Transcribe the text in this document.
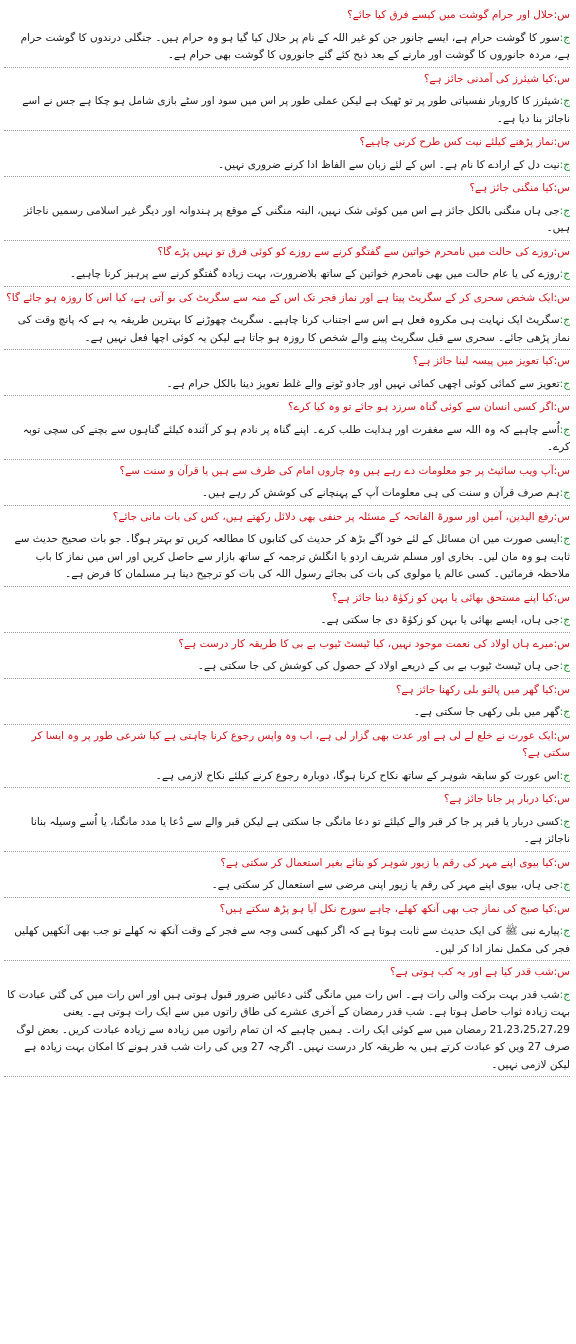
س:حلال اور حرام گوشت میں کیسے فرق کیا جائے؟

ج:سور کا گوشت حرام ہے، ایسے جانور جن کو غیر اللہ کے نام پر حلال کیا گیا ہو وہ حرام ہیں۔ جنگلی درندوں کا گوشت حرام ہے، مردہ جانوروں کا گوشت اور مارنے کے بعد ذبح کئے گئے جانوروں کا گوشت بھی حرام ہے۔

س:کیا شیئرز کی آمدنی جائز ہے؟

ج:شیئرز کا کاروبار نفسیاتی طور پر تو ٹھیک ہے لیکن عملی طور پر اس میں سود اور سٹے بازی شامل ہو چکا ہے جس نے اسے ناجائز بنا دیا ہے۔

س:نماز پڑھنے کیلئے نیت کس طرح کرنی چاہیے؟

ج:نیت دل کے ارادے کا نام ہے۔ اس کے لئے زبان سے الفاظ ادا کرنے ضروری نہیں۔

س:کیا منگنی جائز ہے؟

ج:جی ہاں منگنی بالکل جائز ہے اس میں کوئی شک نہیں، البتہ منگنی کے موقع پر ہندوانہ اور دیگر غیر اسلامی رسمیں ناجائز ہیں۔

س:روزے کی حالت میں نامحرم خواتین سے گفتگو کرنے سے روزے کو کوئی فرق تو نہیں پڑے گا؟

ج:روزے کی یا عام حالت میں بھی نامحرم خواتین کے ساتھ بلاضرورت، بہت زیادہ گفتگو کرنے سے پرہیز کرنا چاہیے۔

س:ایک شخص سحری کر کے سگریٹ پیتا ہے اور نماز فجر تک اس کے منہ سے سگریٹ کی بو آتی ہے، کیا اس کا روزہ ہو جائے گا؟

ج:سگریٹ ایک نہایت ہی مکروہ فعل ہے اس سے اجتناب کرنا چاہیے۔ سگریٹ چھوڑنے کا بہترین طریقہ یہ ہے کہ پانچ وقت کی نماز پڑھی جائے۔ سحری سے قبل سگریٹ پینے والے شخص کا روزہ ہو جاتا ہے لیکن یہ کوئی اچھا فعل نہیں ہے۔

س:کیا تعویز میں پیسہ لینا جائز ہے؟

ج:تعویز سے کمائی کوئی اچھی کمائی نہیں اور جادو ٹونے والے غلط تعویز دینا بالکل حرام ہے۔

س:اگر کسی انسان سے کوئی گناہ سرزد ہو جائے تو وہ کیا کرے؟

ج:اُسے چاہیے کہ وہ اللہ سے مغفرت اور ہدایت طلب کرے۔ اپنے گناہ پر نادم ہو کر آئندہ کیلئے گناہوں سے بچنے کی سچی توبہ کرے۔

س:آپ ویب سائیٹ پر جو معلومات دے رہے ہیں وہ چاروں امام کی طرف سے ہیں یا قرآن و سنت سے؟

ج:ہم صرف قرآن و سنت کی ہی معلومات آپ کے پہنچانے کی کوشش کر رہے ہیں۔

س:رفع الیدین، آمین اور سورۃ الفاتحہ کے مسئلہ پر حنفی بھی دلائل رکھتے ہیں، کس کی بات مانی جائے؟

ج:ایسی صورت میں ان مسائل کے لئے خود آگے بڑھ کر حدیث کی کتابوں کا مطالعہ کریں تو بہتر ہوگا۔ جو بات صحیح حدیث سے ثابت ہو وہ مان لیں۔ بخاری اور مسلم شریف اردو یا انگلش ترجمہ کے ساتھ بازار سے حاصل کریں اور اس میں نماز کا باب ملاحظہ فرمائیں۔ کسی عالم یا مولوی کی بات کی بجائے رسول اللہ کی بات کو ترجیح دینا ہر مسلمان کا فرض ہے۔

س:کیا اپنے مستحق بھائی یا بہن کو زکوٰۃ دینا جائز ہے؟

ج:جی ہاں، ایسے بھائی یا بہن کو زکوٰۃ دی جا سکتی ہے۔

س:میرے ہاں اولاد کی نعمت موجود نہیں، کیا ٹیسٹ ٹیوب بے بی کا طریقہ کار درست ہے؟

ج:جی ہاں ٹیسٹ ٹیوب بے بی کے ذریعے اولاد کے حصول کی کوشش کی جا سکتی ہے۔

س:کیا گھر میں پالتو بلی رکھنا جائز ہے؟

ج:گھر میں بلی رکھی جا سکتی ہے۔

س:ایک عورت نے خلع لے لی ہے اور عدت بھی گزار لی ہے، اب وہ واپس رجوع کرنا چاہتی ہے کیا شرعی طور پر وہ ایسا کر سکتی ہے؟

ج:اس عورت کو سابقہ شوہر کے ساتھ نکاح کرنا ہوگا، دوبارہ رجوع کرنے کیلئے نکاح لازمی ہے۔

س:کیا دربار پر جانا جائز ہے؟

ج:کسی دربار یا قبر پر جا کر قبر والے کیلئے تو دعا مانگی جا سکتی ہے لیکن قبر والے سے دُعا یا مدد مانگنا، یا اُسے وسیلہ بنانا ناجائز ہے۔

س:کیا بیوی اپنے مہر کی رقم یا زیور شوہر کو بتائے بغیر استعمال کر سکتی ہے؟

ج:جی ہاں، بیوی اپنے مہر کی رقم یا زیور اپنی مرضی سے استعمال کر سکتی ہے۔

س:کیا صبح کی نماز جب بھی آنکھ کھلے، چاہے سورج نکل آیا ہو پڑھ سکتے ہیں؟

ج:پیارے نبی ﷺ کی ایک حدیث سے ثابت ہوتا ہے کہ اگر کبھی کسی وجہ سے فجر کے وقت آنکھ نہ کھلے تو جب بھی آنکھیں کھلیں فجر کی مکمل نماز ادا کر لیں۔

س:شب قدر کیا ہے اور یہ کب ہوتی ہے؟

ج:شب قدر بہت برکت والی رات ہے۔ اس رات میں مانگی گئی دعائیں ضرور قبول ہوتی ہیں اور اس رات میں کی گئی عبادت کا بہت زیادہ ثواب حاصل ہوتا ہے۔ شب قدر رمضان کے آخری عشرے کی طاق راتوں میں سے ایک رات ہوتی ہے۔ یعنی 21،23،25،27،29 رمضان میں سے کوئی ایک رات۔ ہمیں چاہیے کہ ان تمام راتوں میں زیادہ سے زیادہ عبادت کریں۔ بعض لوگ صرف 27 ویں کو عبادت کرتے ہیں یہ طریقہ کار درست نہیں۔ اگرچہ 27 ویں کی رات شب قدر ہونے کا امکان بہت زیادہ ہے لیکن لازمی نہیں۔
